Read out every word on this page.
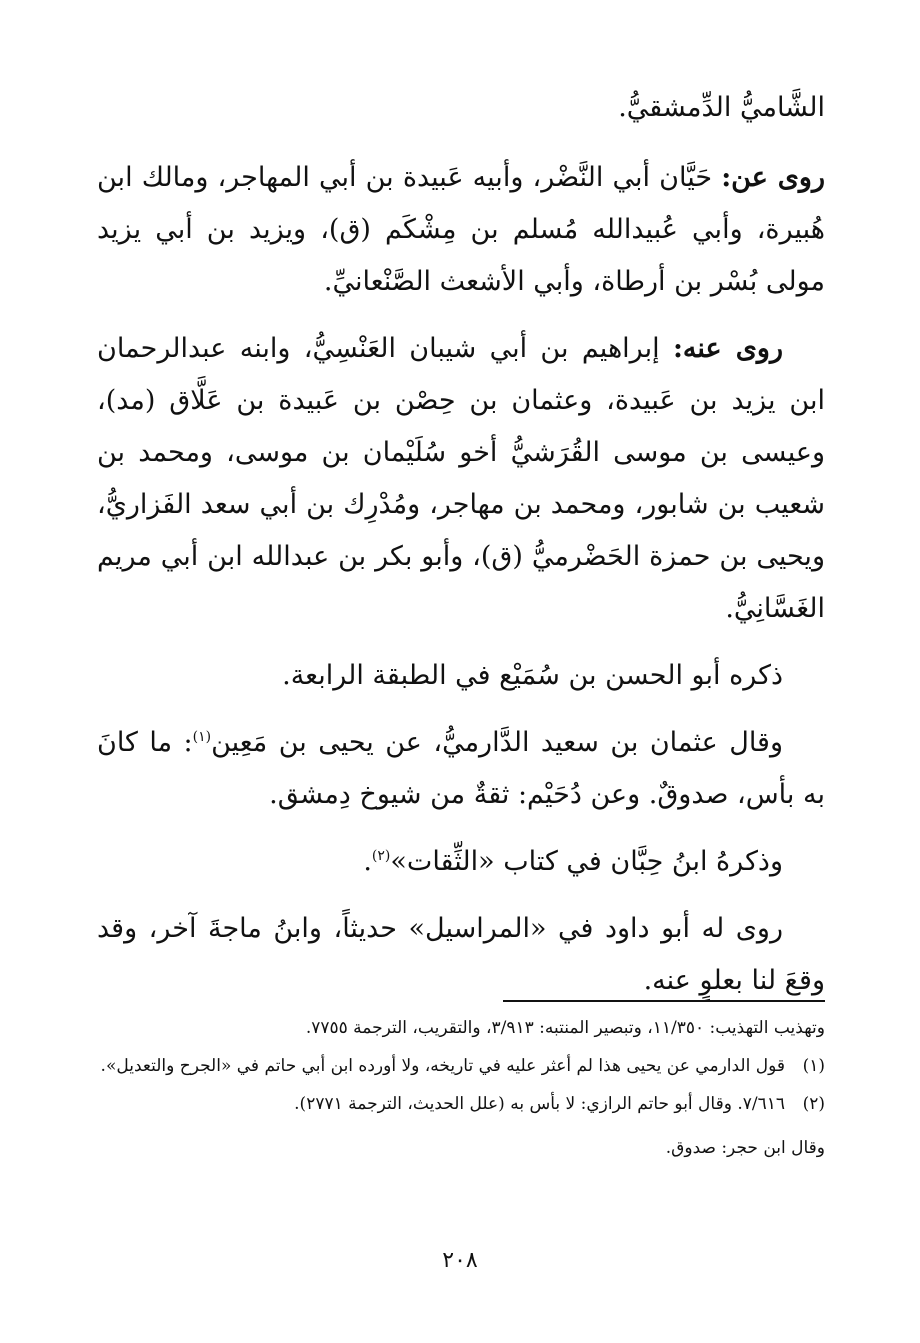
الشَّاميُّ الدِّمشقيُّ.

روى عن: حَيَّان أبي النَّضْر، وأبيه عَبيدة بن أبي المهاجر، ومالك ابن هُبيرة، وأبي عُبيدالله مُسلم بن مِشْكَم (ق)، ويزيد بن أبي يزيد مولى بُسْر بن أرطاة، وأبي الأشعث الصَّنْعانيِّ.

روى عنه: إبراهيم بن أبي شيبان العَنْسِيُّ، وابنه عبدالرحمان ابن يزيد بن عَبيدة، وعثمان بن حِصْن بن عَبيدة بن عَلَّاق (مد)، وعيسى بن موسى القُرَشيُّ أخو سُلَيْمان بن موسى، ومحمد بن شعيب بن شابور، ومحمد بن مهاجر، ومُدْرِك بن أبي سعد الفَزاريُّ، ويحيى بن حمزة الحَضْرميُّ (ق)، وأبو بكر بن عبدالله ابن أبي مريم الغَسَّانِيُّ.

ذكره أبو الحسن بن سُمَيْع في الطبقة الرابعة.

وقال عثمان بن سعيد الدَّارميُّ، عن يحيى بن مَعِين$^{(١)}$: ما كانَ به بأس، صدوقٌ. وعن دُحَيْم: ثقةٌ من شيوخ دِمشق.

وذكرهُ ابنُ حِبَّان في كتاب «الثِّقات»$^{(٢)}$.

روى له أبو داود في «المراسيل» حديثاً، وابنُ ماجةَ آخر، وقد وقعَ لنا بعلوٍ عنه.

وتهذيب التهذيب: ١١/٣٥٠، وتبصير المنتبه: ٣/٩١٣، والتقريب، الترجمة ٧٧٥٥.

(١)
قول الدارمي عن يحيى هذا لم أعثر عليه في تاريخه، ولا أورده ابن أبي حاتم في «الجرح والتعديل».
(٢)
٧/٦١٦. وقال أبو حاتم الرازي: لا بأس به (علل الحديث، الترجمة ٢٧٧١).

وقال ابن حجر: صدوق.

٢٠٨
